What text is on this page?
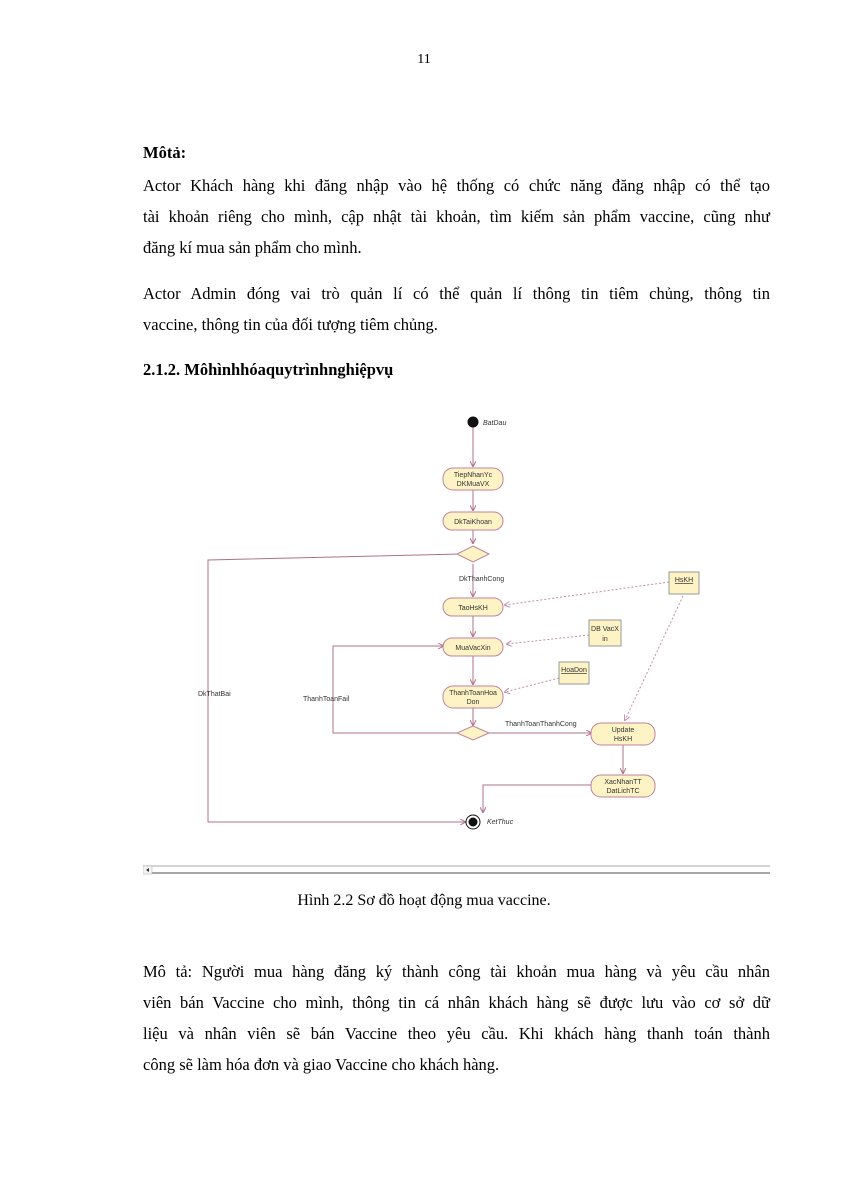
11
Môtả:
Actor Khách hàng khi đăng nhập vào hệ thống có chức năng đăng nhập có thể tạo
tài khoản riêng cho mình, cập nhật tài khoản, tìm kiếm sản phẩm vaccine, cũng như
đăng kí mua sản phẩm cho mình.
Actor Admin đóng vai trò quản lí có thể quản lí thông tin tiêm chủng, thông tin
vaccine, thông tin của đối tượng tiêm chủng.
2.1.2. Môhìnhhóaquytrìnhnghiệpvụ
BatDau
KetThuc
TiepNhanYc
DKMuaVX
DkTaiKhoan
TaoHsKH
MuaVacXin
ThanhToanHoa
Don
Update
HsKH
XacNhanTT
DatLichTC
HsKH
DB VacX
in
HoaDon
DkThanhCong
DkThatBai
ThanhToanFail
ThanhToanThanhCong
Hình 2.2 Sơ đồ hoạt động mua vaccine.
Mô tả: Người mua hàng đăng ký thành công tài khoản mua hàng và yêu cầu nhân
viên bán Vaccine cho mình, thông tin cá nhân khách hàng sẽ được lưu vào cơ sở dữ
liệu và nhân viên sẽ bán Vaccine theo yêu cầu. Khi khách hàng thanh toán thành
công sẽ làm hóa đơn và giao Vaccine cho khách hàng.
